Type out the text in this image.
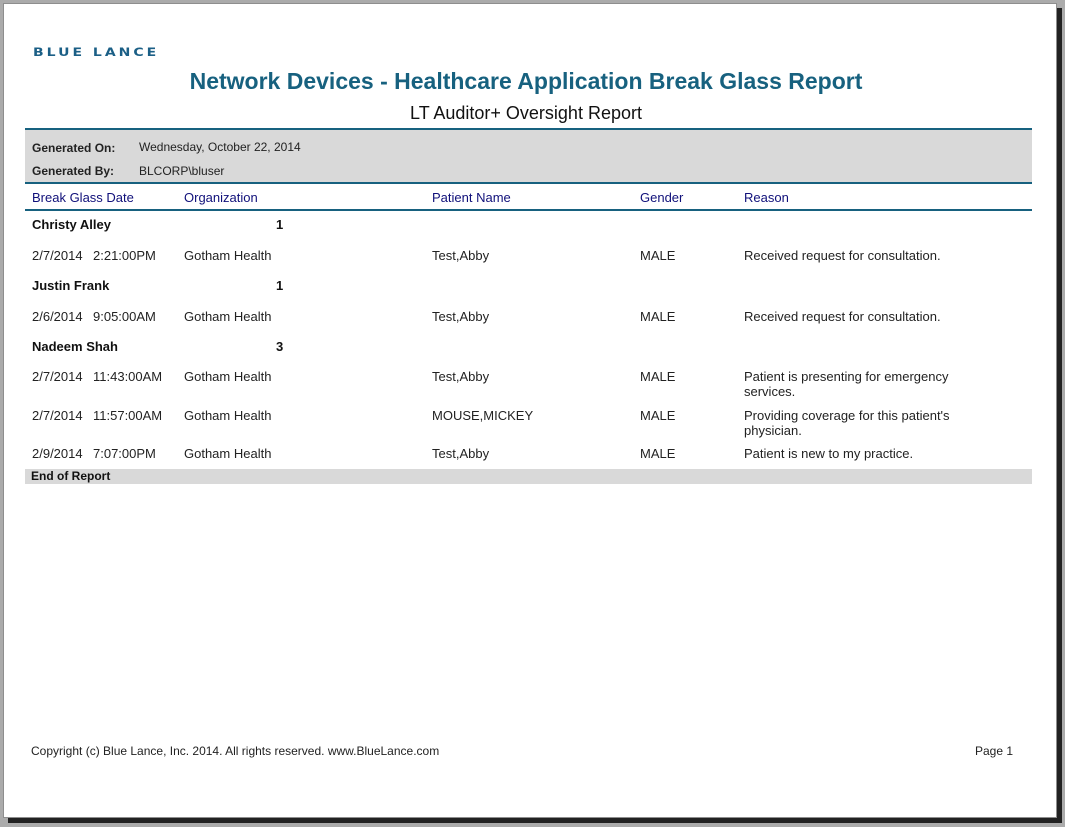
BLUE LANCE
Network Devices - Healthcare Application Break Glass Report
LT Auditor+ Oversight Report
Generated On: Wednesday, October 22, 2014
Generated By: BLCORP\bluser
Break Glass Date	Organization	Patient Name	Gender	Reason
Christy Alley	1
2/7/2014 2:21:00PM Gotham Health	Test,Abby	MALE	Received request for consultation.
Justin Frank	1
2/6/2014 9:05:00AM Gotham Health	Test,Abby	MALE	Received request for consultation.
Nadeem Shah	3
2/7/2014 11:43:00AM Gotham Health	Test,Abby	MALE	Patient is presenting for emergency services.
2/7/2014 11:57:00AM Gotham Health	MOUSE,MICKEY	MALE	Providing coverage for this patient's physician.
2/9/2014 7:07:00PM Gotham Health	Test,Abby	MALE	Patient is new to my practice.
End of Report
Copyright (c) Blue Lance, Inc. 2014. All rights reserved. www.BlueLance.com	Page 1
